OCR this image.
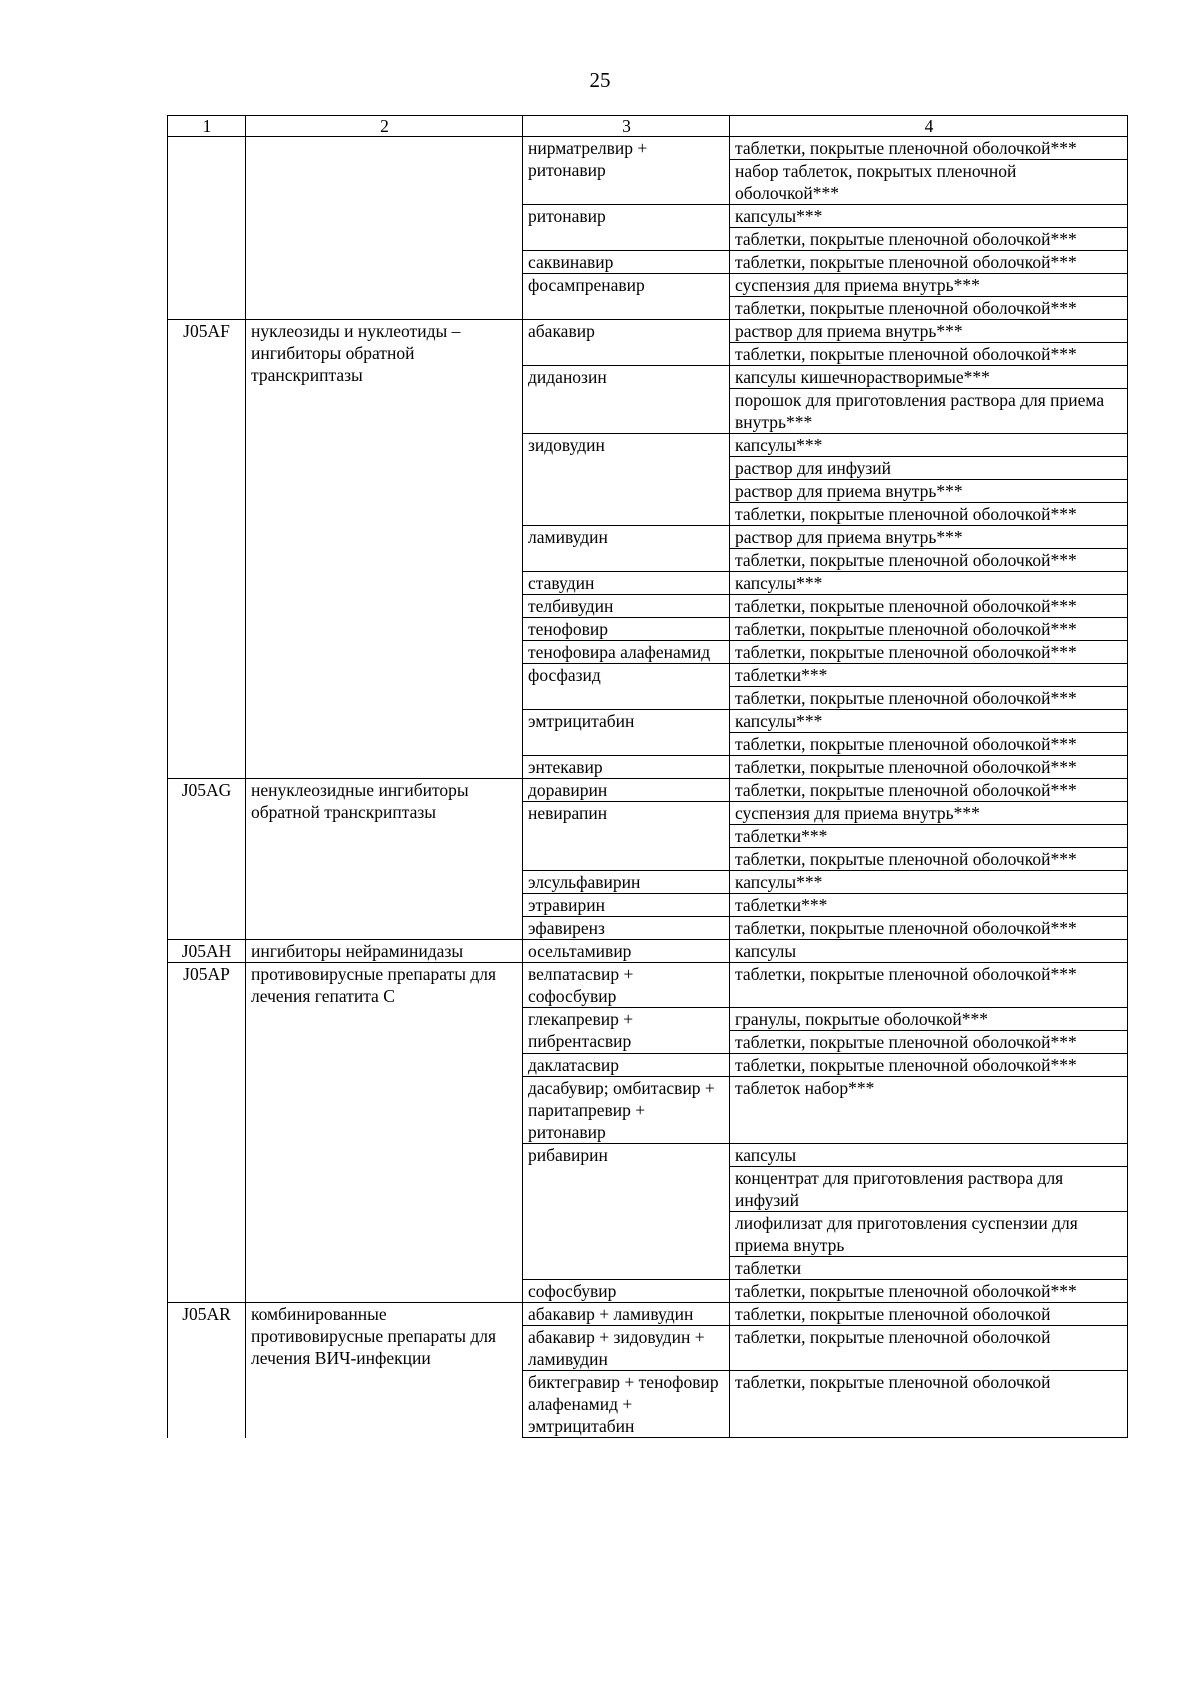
25
1	2	3	4
		нирматрелвир + ритонавир	таблетки, покрытые пленочной оболочкой***
			набор таблеток, покрытых пленочной оболочкой***
		ритонавир	капсулы***
			таблетки, покрытые пленочной оболочкой***
		саквинавир	таблетки, покрытые пленочной оболочкой***
		фосампренавир	суспензия для приема внутрь***
			таблетки, покрытые пленочной оболочкой***
J05AF	нуклеозиды и нуклеотиды – ингибиторы обратной транскриптазы	абакавир	раствор для приема внутрь***
			таблетки, покрытые пленочной оболочкой***
		диданозин	капсулы кишечнорастворимые***
			порошок для приготовления раствора для приема внутрь***
		зидовудин	капсулы***
			раствор для инфузий
			раствор для приема внутрь***
			таблетки, покрытые пленочной оболочкой***
		ламивудин	раствор для приема внутрь***
			таблетки, покрытые пленочной оболочкой***
		ставудин	капсулы***
		телбивудин	таблетки, покрытые пленочной оболочкой***
		тенофовир	таблетки, покрытые пленочной оболочкой***
		тенофовира алафенамид	таблетки, покрытые пленочной оболочкой***
		фосфазид	таблетки***
			таблетки, покрытые пленочной оболочкой***
		эмтрицитабин	капсулы***
			таблетки, покрытые пленочной оболочкой***
		энтекавир	таблетки, покрытые пленочной оболочкой***
J05AG	ненуклеозидные ингибиторы обратной транскриптазы	доравирин	таблетки, покрытые пленочной оболочкой***
		невирапин	суспензия для приема внутрь***
			таблетки***
			таблетки, покрытые пленочной оболочкой***
		элсульфавирин	капсулы***
		этравирин	таблетки***
		эфавиренз	таблетки, покрытые пленочной оболочкой***
J05AH	ингибиторы нейраминидазы	осельтамивир	капсулы
J05AP	противовирусные препараты для лечения гепатита С	велпатасвир + софосбувир	таблетки, покрытые пленочной оболочкой***
		глекапревир + пибрентасвир	гранулы, покрытые оболочкой***
			таблетки, покрытые пленочной оболочкой***
		даклатасвир	таблетки, покрытые пленочной оболочкой***
		дасабувир; омбитасвир + паритапревир + ритонавир	таблеток набор***
		рибавирин	капсулы
			концентрат для приготовления раствора для инфузий
			лиофилизат для приготовления суспензии для приема внутрь
			таблетки
		софосбувир	таблетки, покрытые пленочной оболочкой***
J05AR	комбинированные противовирусные препараты для лечения ВИЧ-инфекции	абакавир + ламивудин	таблетки, покрытые пленочной оболочкой
		абакавир + зидовудин + ламивудин	таблетки, покрытые пленочной оболочкой
		биктегравир + тенофовир алафенамид + эмтрицитабин	таблетки, покрытые пленочной оболочкой
